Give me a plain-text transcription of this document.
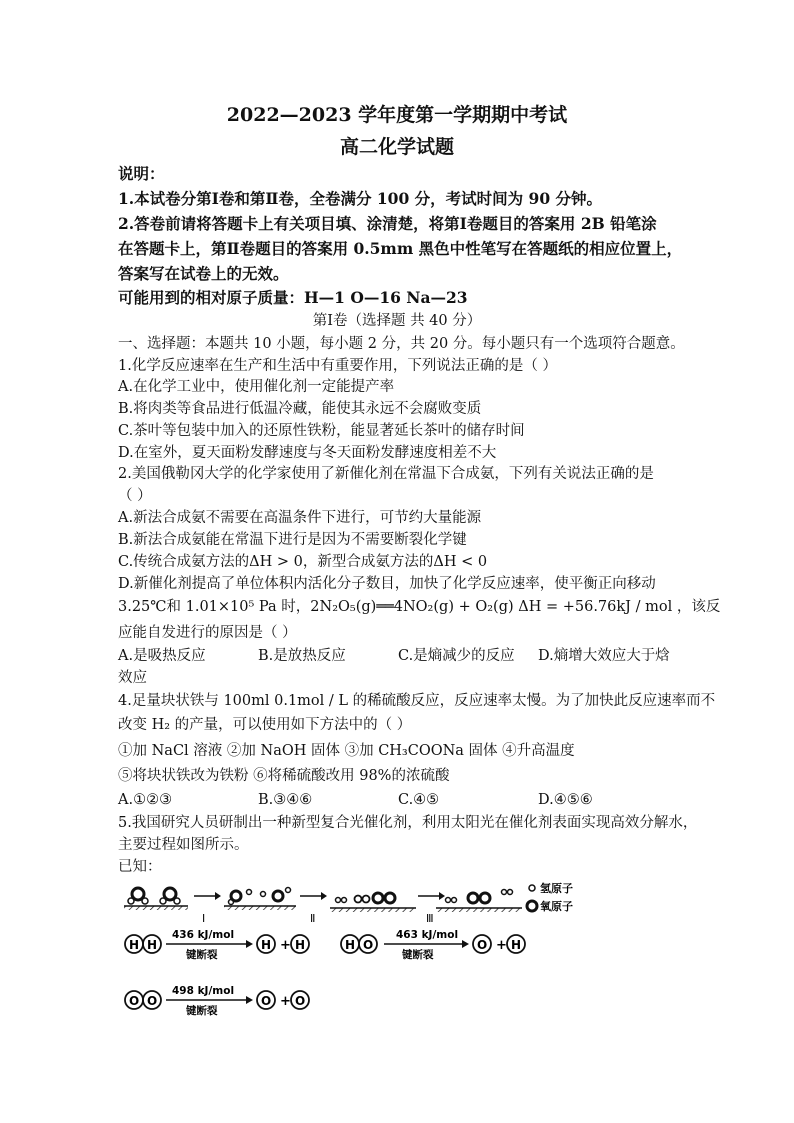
2022—2023 学年度第一学期期中考试
高二化学试题
说明：
1.本试卷分第Ⅰ卷和第Ⅱ卷，全卷满分 100 分，考试时间为 90 分钟。
2.答卷前请将答题卡上有关项目填、涂清楚，将第Ⅰ卷题目的答案用 2B 铅笔涂
在答题卡上，第Ⅱ卷题目的答案用 0.5mm 黑色中性笔写在答题纸的相应位置上，
答案写在试卷上的无效。
可能用到的相对原子质量：H—1 O—16 Na—23
第Ⅰ卷（选择题 共 40 分）
一、选择题：本题共 10 小题，每小题 2 分，共 20 分。每小题只有一个选项符合题意。
1.化学反应速率在生产和生活中有重要作用，下列说法正确的是（ ）
A.在化学工业中，使用催化剂一定能提产率
B.将肉类等食品进行低温冷藏，能使其永远不会腐败变质
C.茶叶等包装中加入的还原性铁粉，能显著延长茶叶的储存时间
D.在室外，夏天面粉发酵速度与冬天面粉发酵速度相差不大
2.美国俄勒冈大学的化学家使用了新催化剂在常温下合成氨，下列有关说法正确的是
（ ）
A.新法合成氨不需要在高温条件下进行，可节约大量能源
B.新法合成氨能在常温下进行是因为不需要断裂化学键
C.传统合成氨方法的ΔH > 0，新型合成氨方法的ΔH < 0
D.新催化剂提高了单位体积内活化分子数目，加快了化学反应速率，使平衡正向移动
3.25℃和 1.01×10⁵ Pa 时，2N₂O₅(g)══4NO₂(g) + O₂(g) ΔH = +56.76kJ / mol ，该反
应能自发进行的原因是（ ）
A.是吸热反应	B.是放热反应	C.是熵减少的反应 D.熵增大效应大于焓
效应
4.足量块状铁与 100ml 0.1mol / L 的稀硫酸反应，反应速率太慢。为了加快此反应速率而不
改变 H₂ 的产量，可以使用如下方法中的（ ）
①加 NaCl 溶液 ②加 NaOH 固体 ③加 CH₃COONa 固体 ④升高温度
⑤将块状铁改为铁粉 ⑥将稀硫酸改用 98%的浓硫酸
A.①②③	B.③④⑥	C.④⑤	D.④⑤⑥
5.我国研究人员研制出一种新型复合光催化剂，利用太阳光在催化剂表面实现高效分解水，
主要过程如图所示。
已知：
Ⅰ	Ⅱ	Ⅲ
氢原子
氧原子
H H
436 kJ/mol
键断裂
H + H	H O
463 kJ/mol
键断裂
O + H
O O
498 kJ/mol
键断裂
O + O
